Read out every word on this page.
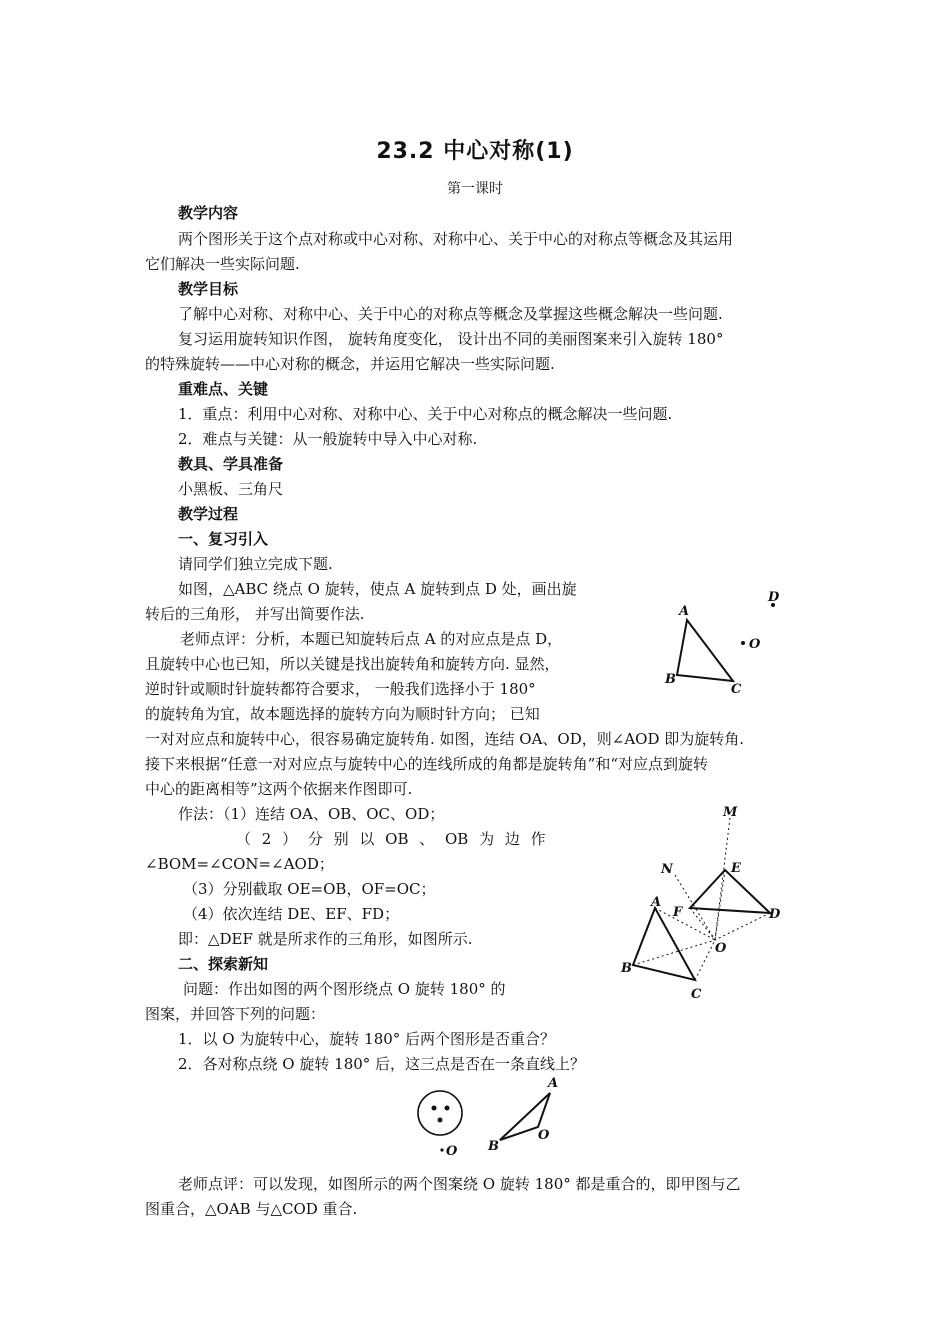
23.2 中心对称(1)
第一课时
教学内容
两个图形关于这个点对称或中心对称、对称中心、关于中心的对称点等概念及其运用
它们解决一些实际问题.
教学目标
了解中心对称、对称中心、关于中心的对称点等概念及掌握这些概念解决一些问题.
复习运用旋转知识作图， 旋转角度变化， 设计出不同的美丽图案来引入旋转 180°
的特殊旋转——中心对称的概念，并运用它解决一些实际问题.
重难点、关键
1．重点：利用中心对称、对称中心、关于中心对称点的概念解决一些问题.
2．难点与关键：从一般旋转中导入中心对称.
教具、学具准备
小黑板、三角尺
教学过程
一、复习引入
请同学们独立完成下题.
如图，△ABC 绕点 O 旋转，使点 A 旋转到点 D 处，画出旋
转后的三角形， 并写出简要作法.
老师点评：分析，本题已知旋转后点 A 的对应点是点 D，
且旋转中心也已知，所以关键是找出旋转角和旋转方向. 显然，
逆时针或顺时针旋转都符合要求， 一般我们选择小于 180°
的旋转角为宜，故本题选择的旋转方向为顺时针方向； 已知
一对对应点和旋转中心，很容易确定旋转角. 如图，连结 OA、OD，则∠AOD 即为旋转角.
接下来根据“任意一对对应点与旋转中心的连线所成的角都是旋转角”和“对应点到旋转
中心的距离相等”这两个依据来作图即可.
作法：（1）连结 OA、OB、OC、OD；
（ 2 ） 分 别 以 OB 、 OB 为 边 作
∠BOM=∠CON=∠AOD；
（3）分别截取 OE=OB，OF=OC；
（4）依次连结 DE、EF、FD；
即：△DEF 就是所求作的三角形，如图所示.
二、探索新知
问题：作出如图的两个图形绕点 O 旋转 180° 的
图案，并回答下列的问题：
1．以 O 为旋转中心，旋转 180° 后两个图形是否重合？
2．各对称点绕 O 旋转 180° 后，这三点是否在一条直线上？
老师点评：可以发现，如图所示的两个图案绕 O 旋转 180° 都是重合的，即甲图与乙
图重合，△OAB 与△COD 重合.
A
B
C
O
D
M
N	E
A
F	D
O
B
C
O
A
B
O
